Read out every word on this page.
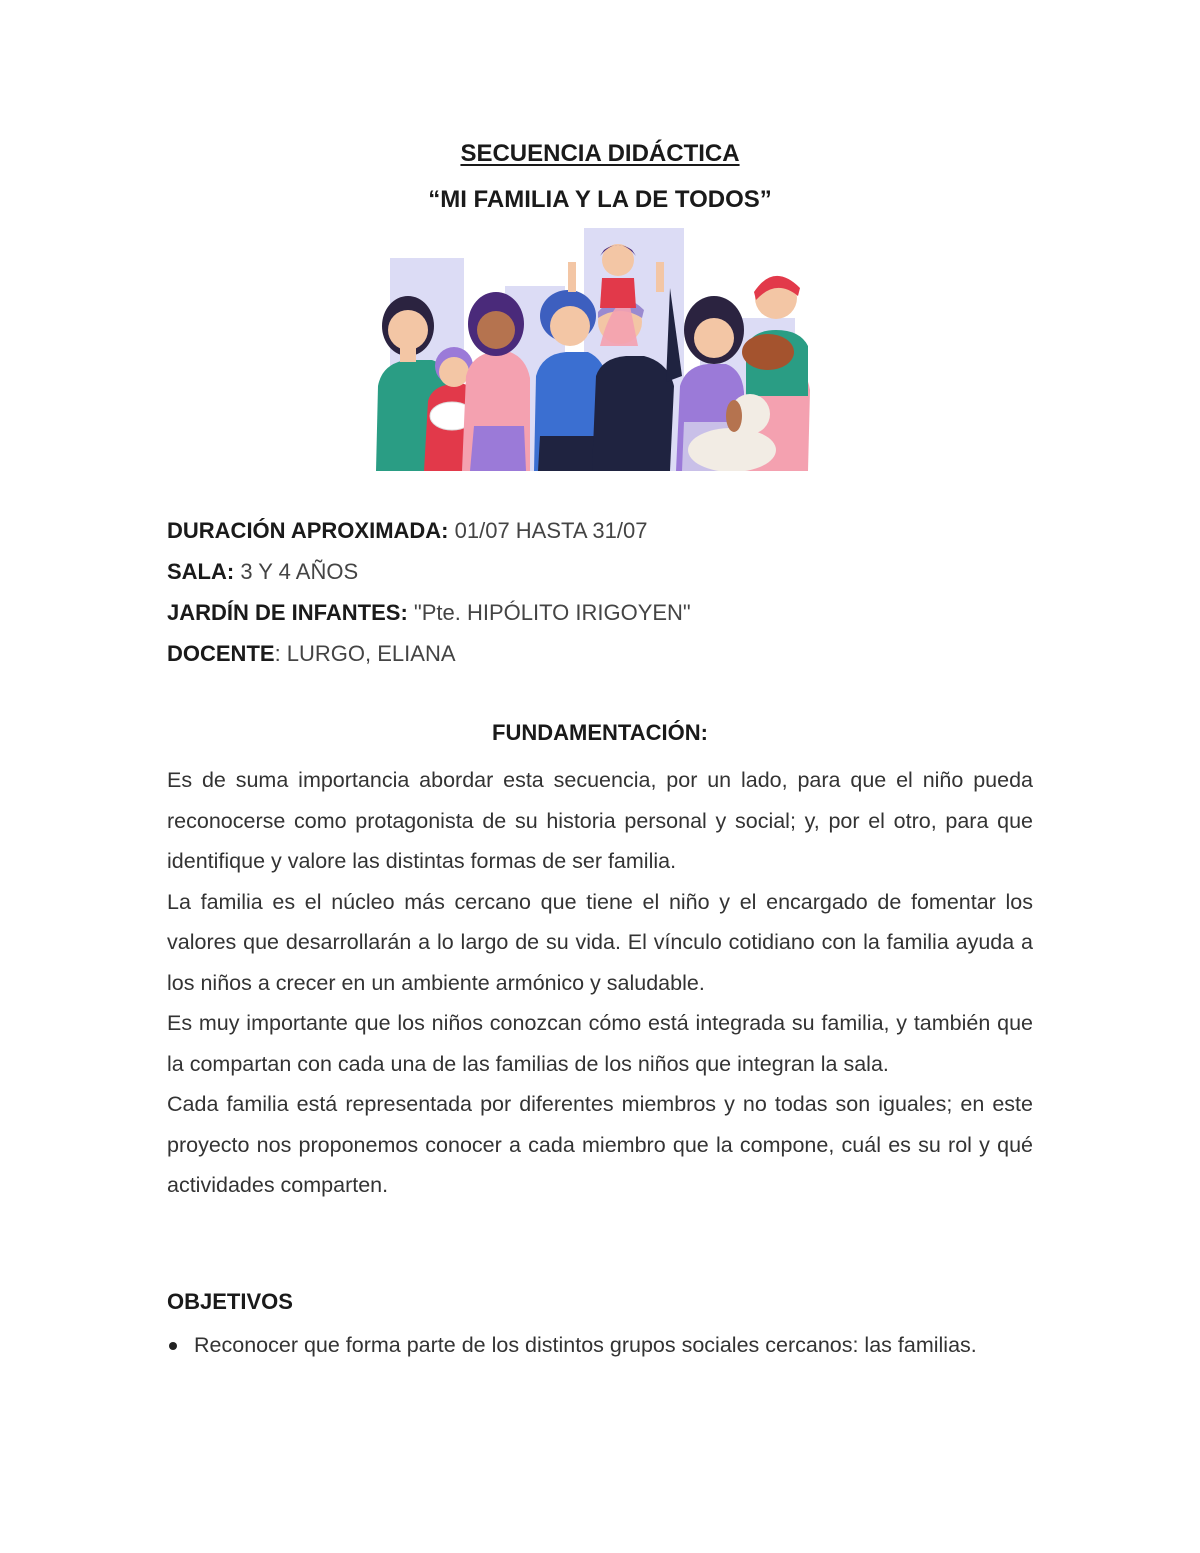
SECUENCIA DIDÁCTICA
“MI FAMILIA Y LA DE TODOS”
DURACIÓN APROXIMADA: 01/07 HASTA 31/07
SALA: 3 Y 4 AÑOS
JARDÍN DE INFANTES: "Pte. HIPÓLITO IRIGOYEN"
DOCENTE: LURGO, ELIANA
FUNDAMENTACIÓN:

Es de suma importancia abordar esta secuencia, por un lado, para que el niño pueda reconocerse como protagonista de su historia personal y social; y, por el otro, para que identifique y valore las distintas formas de ser familia.

La familia es el núcleo más cercano que tiene el niño y el encargado de fomentar los valores que desarrollarán a lo largo de su vida. El vínculo cotidiano con la familia ayuda a los niños a crecer en un ambiente armónico y saludable.

Es muy importante que los niños conozcan cómo está integrada su familia, y también que la compartan con cada una de las familias de los niños que integran la sala.

Cada familia está representada por diferentes miembros y no todas son iguales; en este proyecto nos proponemos conocer a cada miembro que la compone, cuál es su rol y qué actividades comparten.

OBJETIVOS
Reconocer que forma parte de los distintos grupos sociales cercanos: las familias.
